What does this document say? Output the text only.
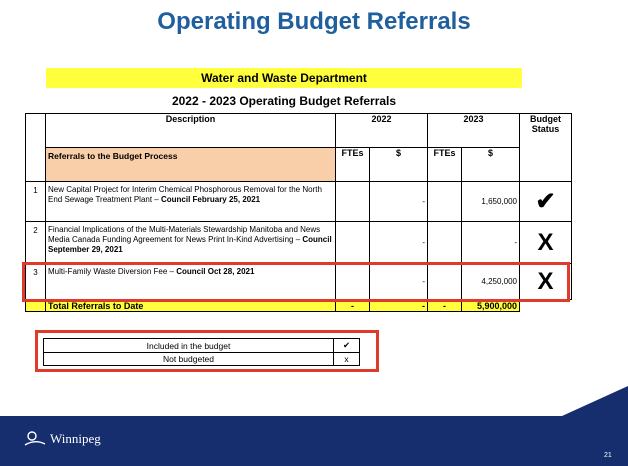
Operating Budget Referrals
Water and Waste Department
2022 - 2023 Operating Budget Referrals
	Description	2022		2023		Budget Status
	Referrals to the Budget Process	FTEs	$	FTEs	$	
1	New Capital Project for Interim Chemical Phosphorous Removal for the North End Sewage Treatment Plant – Council February 25, 2021		-		1,650,000	✔
2	Financial Implications of the Multi-Materials Stewardship Manitoba and News Media Canada Funding Agreement for News Print In-Kind Advertising – Council September 29, 2021		-		-	X
3	Multi-Family Waste Diversion Fee – Council Oct 28, 2021		-		4,250,000	X
	Total Referrals to Date	-	-	-	5,900,000	
Included in the budget	✔
Not budgeted	x
Winnipeg
21
